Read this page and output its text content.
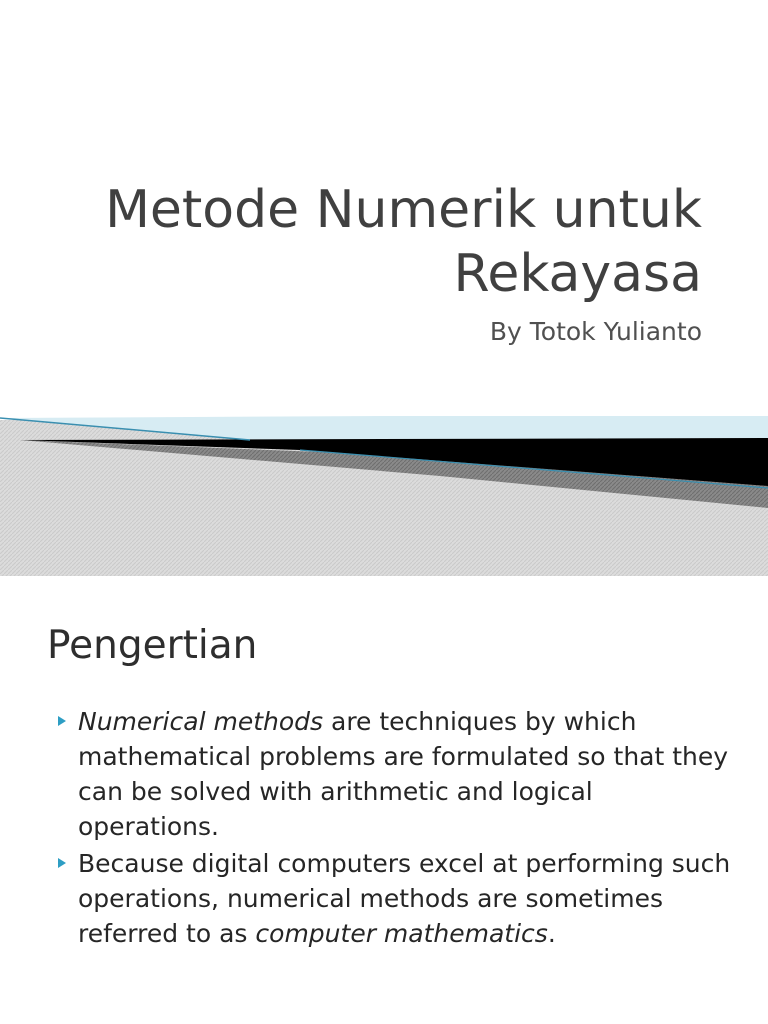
Metode Numerik untuk
Rekayasa
By Totok Yulianto
Pengertian
Numerical methods are techniques by which mathematical problems are formulated so that they can be solved with arithmetic and logical operations.
Because digital computers excel at performing such operations, numerical methods are sometimes referred to as computer mathematics.
